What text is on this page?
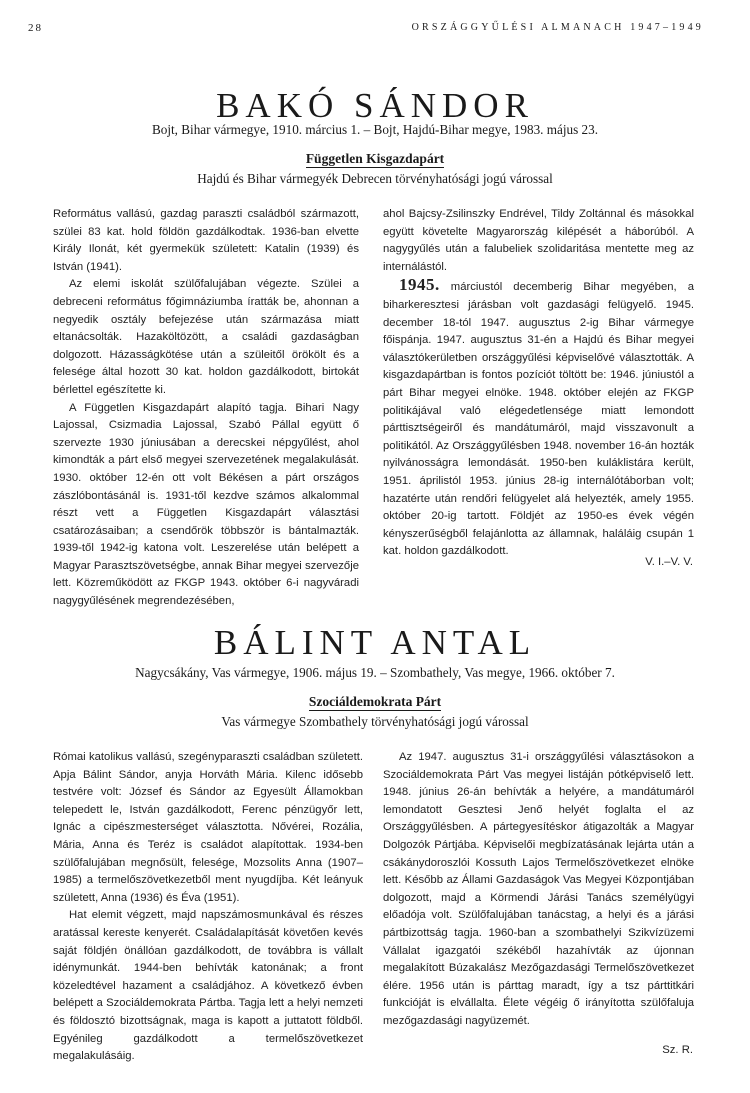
28	ORSZÁGGYŰLÉSI ALMANACH 1947–1949
BAKÓ SÁNDOR
Bojt, Bihar vármegye, 1910. március 1. – Bojt, Hajdú-Bihar megye, 1983. május 23.
Független Kisgazdapárt
Hajdú és Bihar vármegyék Debrecen törvényhatósági jogú várossal

Református vallású, gazdag paraszti családból származott, szülei 83 kat. hold földön gazdálkodtak. 1936-ban elvette Király Ilonát, két gyermekük született: Katalin (1939) és István (1941).

Az elemi iskolát szülőfalujában végezte. Szülei a debreceni református főgimnáziumba íratták be, ahonnan a negyedik osztály befejezése után származása miatt eltanácsolták. Hazaköltözött, a családi gazdaságban dolgozott. Házasságkötése után a szüleitől örökölt és a felesége által hozott 30 kat. holdon gazdálkodott, birtokát bérlettel egészítette ki.

A Független Kisgazdapárt alapító tagja. Bihari Nagy Lajossal, Csizmadia Lajossal, Szabó Pállal együtt ő szervezte 1930 júniusában a derecskei népgyűlést, ahol kimondták a párt első megyei szervezetének megalakulását. 1930. október 12-én ott volt Békésen a párt országos zászlóbontásánál is. 1931-től kezdve számos alkalommal részt vett a Független Kisgazdapárt választási csatározásaiban; a csendőrök többször is bántalmazták. 1939-től 1942-ig katona volt. Leszerelése után belépett a Magyar Parasztszövetségbe, annak Bihar megyei szervezője lett. Közreműködött az FKGP 1943. október 6-i nagyváradi nagygyűlésének megrendezésében,

ahol Bajcsy-Zsilinszky Endrével, Tildy Zoltánnal és másokkal együtt követelte Magyarország kilépését a háborúból. A nagygyűlés után a falubeliek szolidaritása mentette meg az internálástól.

1945. márciustól decemberig Bihar megyében, a biharkeresztesi járásban volt gazdasági felügyelő. 1945. december 18-tól 1947. augusztus 2-ig Bihar vármegye főispánja. 1947. augusztus 31-én a Hajdú és Bihar megyei választókerületben országgyűlési képviselővé választották. A kisgazdapártban is fontos pozíciót töltött be: 1946. júniustól a párt Bihar megyei elnöke. 1948. október elején az FKGP politikájával való elégedetlensége miatt lemondott párttisztségeiről és mandátumáról, majd visszavonult a politikától. Az Országgyűlésben 1948. november 16-án hozták nyilvánosságra lemondását. 1950-ben kuláklistára került, 1951. áprilistól 1953. június 28-ig internálótáborban volt; hazatérte után rendőri felügyelet alá helyezték, amely 1955. október 20-ig tartott. Földjét az 1950-es évek végén kényszerűségből felajánlotta az államnak, haláláig csupán 1 kat. holdon gazdálkodott.

V. I.–V. V.
BÁLINT ANTAL
Nagycsákány, Vas vármegye, 1906. május 19. – Szombathely, Vas megye, 1966. október 7.
Szociáldemokrata Párt
Vas vármegye Szombathely törvényhatósági jogú várossal

Római katolikus vallású, szegényparaszti családban született. Apja Bálint Sándor, anyja Horváth Mária. Kilenc idősebb testvére volt: József és Sándor az Egyesült Államokban telepedett le, István gazdálkodott, Ferenc pénzügyőr lett, Ignác a cipészmesterséget választotta. Nővérei, Rozália, Mária, Anna és Teréz is családot alapítottak. 1934-ben szülőfalujában megnősült, felesége, Mozsolits Anna (1907–1985) a termelőszövetkezetből ment nyugdíjba. Két leányuk született, Anna (1936) és Éva (1951).

Hat elemit végzett, majd napszámosmunkával és részes aratással kereste kenyerét. Családalapítását követően kevés saját földjén önállóan gazdálkodott, de továbbra is vállalt idénymunkát. 1944-ben behívták katonának; a front közeledtével hazament a családjához. A következő évben belépett a Szociáldemokrata Pártba. Tagja lett a helyi nemzeti és földosztó bizottságnak, maga is kapott a juttatott földből. Egyénileg gazdálkodott a termelőszövetkezet megalakulásáig.

Az 1947. augusztus 31-i országgyűlési választásokon a Szociáldemokrata Párt Vas megyei listáján pótképviselő lett. 1948. június 26-án behívták a helyére, a mandátumáról lemondatott Gesztesi Jenő helyét foglalta el az Országgyűlésben. A pártegyesítéskor átigazolták a Magyar Dolgozók Pártjába. Képviselői megbízatásának lejárta után a csákánydoroszlói Kossuth Lajos Termelőszövetkezet elnöke lett. Később az Állami Gazdaságok Vas Megyei Központjában dolgozott, majd a Körmendi Járási Tanács személyügyi előadója volt. Szülőfalujában tanácstag, a helyi és a járási pártbizottság tagja. 1960-ban a szombathelyi Szikvízüzemi Vállalat igazgatói székéből hazahívták az újonnan megalakított Búzakalász Mezőgazdasági Termelőszövetkezet élére. 1956 után is párttag maradt, így a tsz párttitkári funkcióját is elvállalta. Élete végéig ő irányította szülőfaluja mezőgazdasági nagyüzemét.

Sz. R.
